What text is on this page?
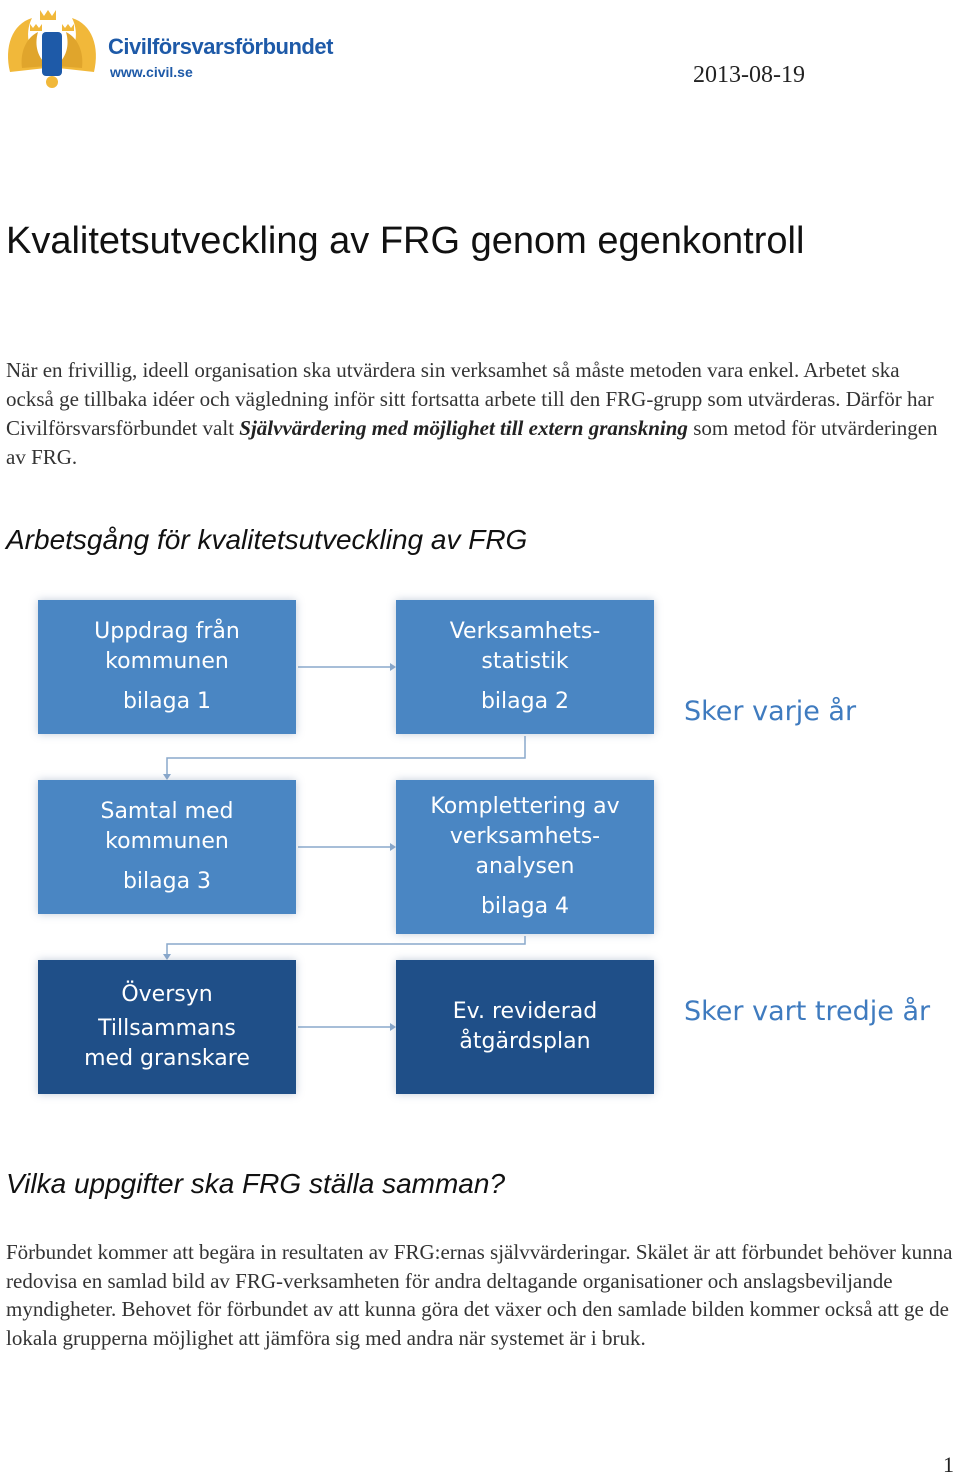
Civilförsvarsförbundet
www.civil.se	2013-08-19
Kvalitetsutveckling av FRG genom egenkontroll

När en frivillig, ideell organisation ska utvärdera sin verksamhet så måste metoden vara enkel. Arbetet ska också ge tillbaka idéer och vägledning inför sitt fortsatta arbete till den FRG-grupp som utvärderas. Därför har Civilförsvarsförbundet valt Självvärdering med möjlighet till extern granskning som metod för utvärderingen av FRG.

Arbetsgång för kvalitetsutveckling av FRG
Uppdrag från
kommunen
bilaga 1
Verksamhets-
statistik
bilaga 2
Samtal med
kommunen
bilaga 3
Komplettering av
verksamhets-
analysen
bilaga 4
Översyn
Tillsammans
med granskare
Ev. reviderad
åtgärdsplan
Sker varje år
Sker vart tredje år
Vilka uppgifter ska FRG ställa samman?

Förbundet kommer att begära in resultaten av FRG:ernas självvärderingar. Skälet är att förbundet behöver kunna redovisa en samlad bild av FRG-verksamheten för andra deltagande organisationer och anslagsbeviljande myndigheter. Behovet för förbundet av att kunna göra det växer och den samlade bilden kommer också att ge de lokala grupperna möjlighet att jämföra sig med andra när systemet är i bruk.

1
